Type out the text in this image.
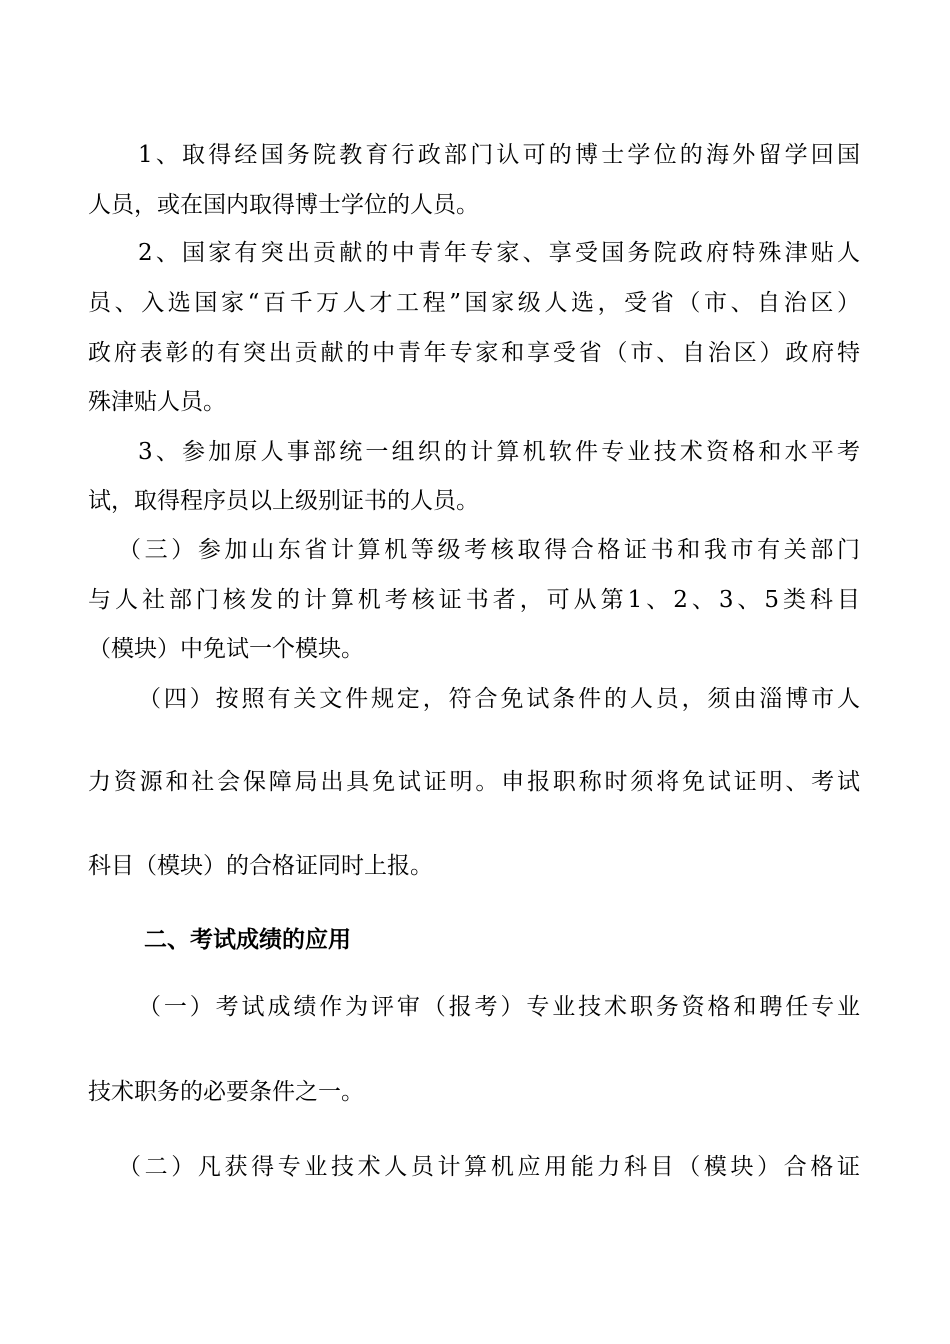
1、取得经国务院教育行政部门认可的博士学位的海外留学回国
人员，或在国内取得博士学位的人员。
2、国家有突出贡献的中青年专家、享受国务院政府特殊津贴人
员、入选国家“百千万人才工程”国家级人选，受省（市、自治区）
政府表彰的有突出贡献的中青年专家和享受省（市、自治区）政府特
殊津贴人员。
3、参加原人事部统一组织的计算机软件专业技术资格和水平考
试，取得程序员以上级别证书的人员。
（三）参加山东省计算机等级考核取得合格证书和我市有关部门
与人社部门核发的计算机考核证书者，可从第1、2、3、5类科目
（模块）中免试一个模块。
（四）按照有关文件规定，符合免试条件的人员，须由淄博市人
力资源和社会保障局出具免试证明。申报职称时须将免试证明、考试
科目（模块）的合格证同时上报。
二、考试成绩的应用
（一）考试成绩作为评审（报考）专业技术职务资格和聘任专业
技术职务的必要条件之一。
（二）凡获得专业技术人员计算机应用能力科目（模块）合格证
